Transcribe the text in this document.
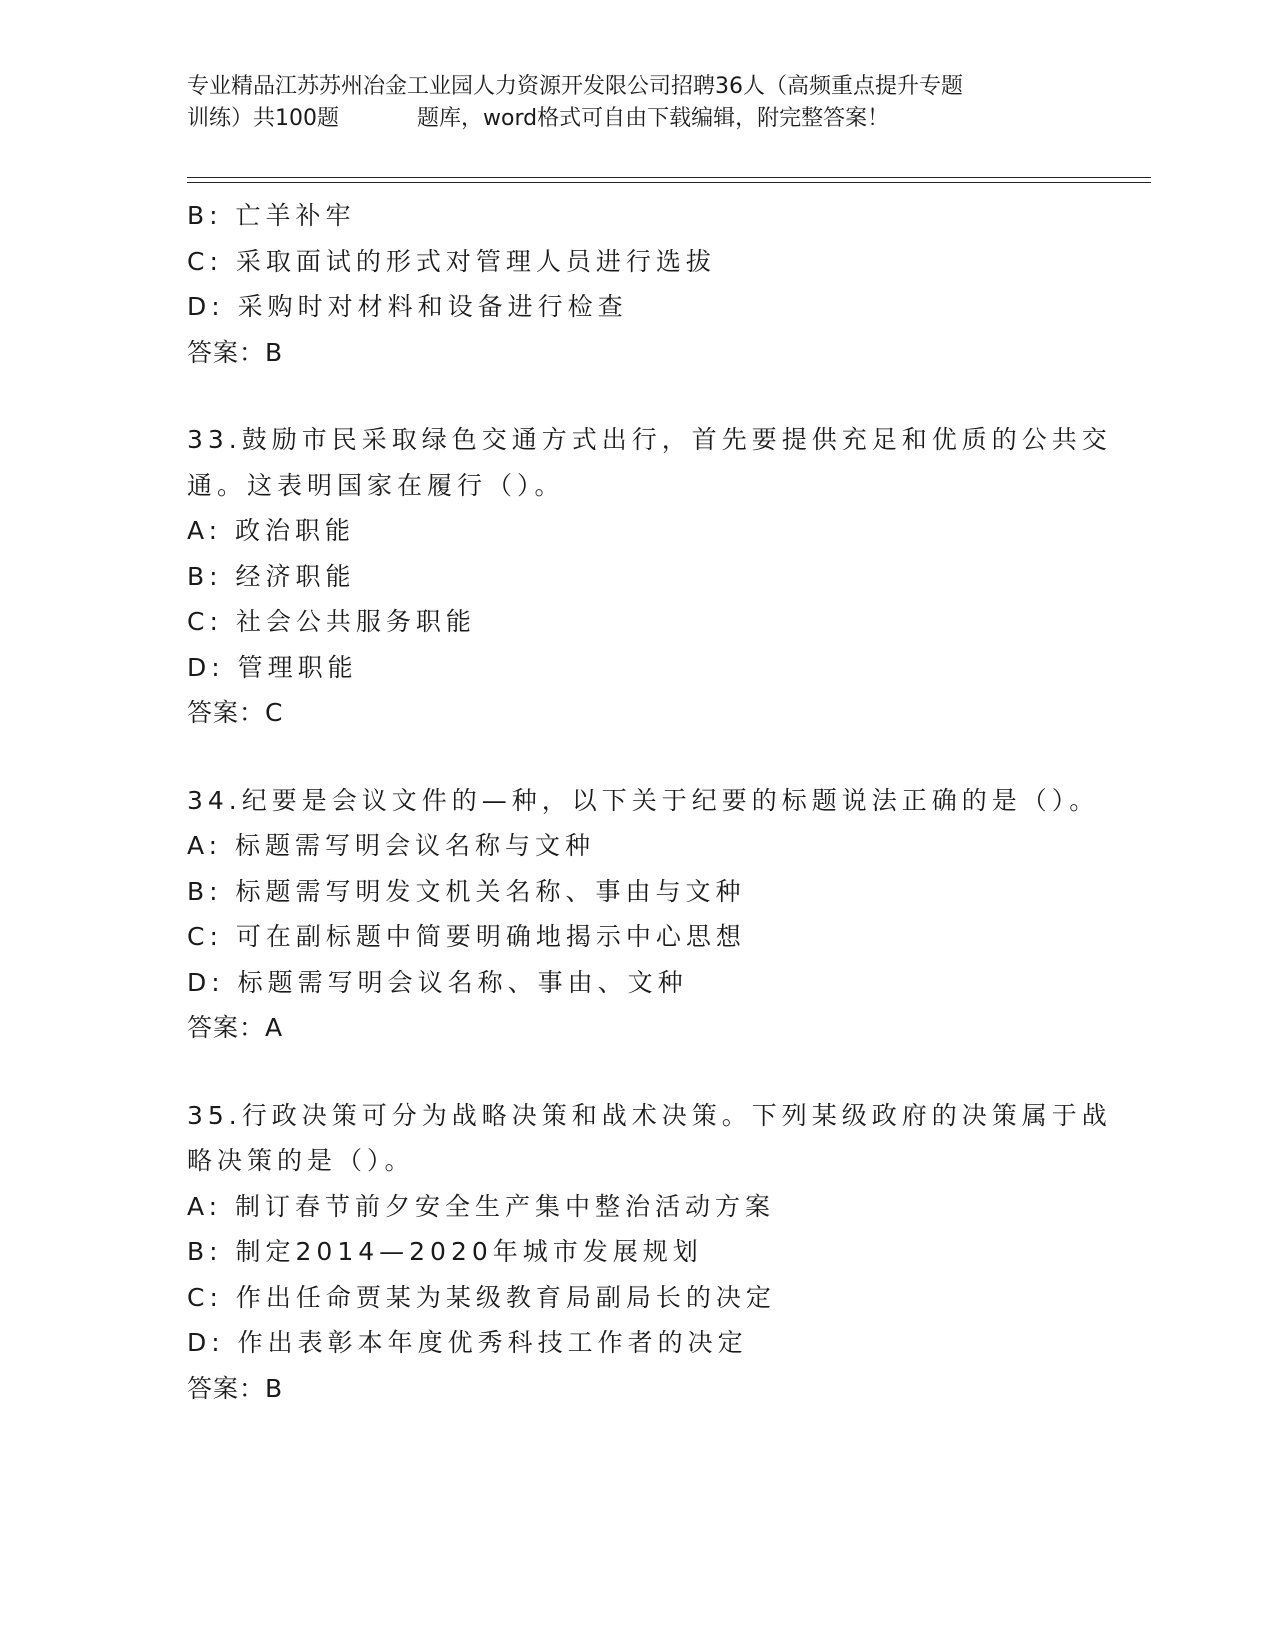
专业精品江苏苏州冶金工业园人力资源开发限公司招聘36人（高频重点提升专题
训练）共100题	题库，word格式可自由下载编辑，附完整答案！
B: 亡羊补牢
C: 采取面试的形式对管理人员进行选拔
D: 采购时对材料和设备进行检查
答案：B
33.鼓励市民采取绿色交通方式出行，首先要提供充足和优质的公共交
通。这表明国家在履行（）。
A: 政治职能
B: 经济职能
C: 社会公共服务职能
D: 管理职能
答案：C
34.纪要是会议文件的—种，以下关于纪要的标题说法正确的是（）。
A: 标题需写明会议名称与文种
B: 标题需写明发文机关名称、事由与文种
C: 可在副标题中简要明确地揭示中心思想
D: 标题需写明会议名称、事由、文种
答案：A
35.行政决策可分为战略决策和战术决策。下列某级政府的决策属于战
略决策的是（）。
A: 制订春节前夕安全生产集中整治活动方案
B: 制定2014—2020年城市发展规划
C: 作出任命贾某为某级教育局副局长的决定
D: 作出表彰本年度优秀科技工作者的决定
答案：B
